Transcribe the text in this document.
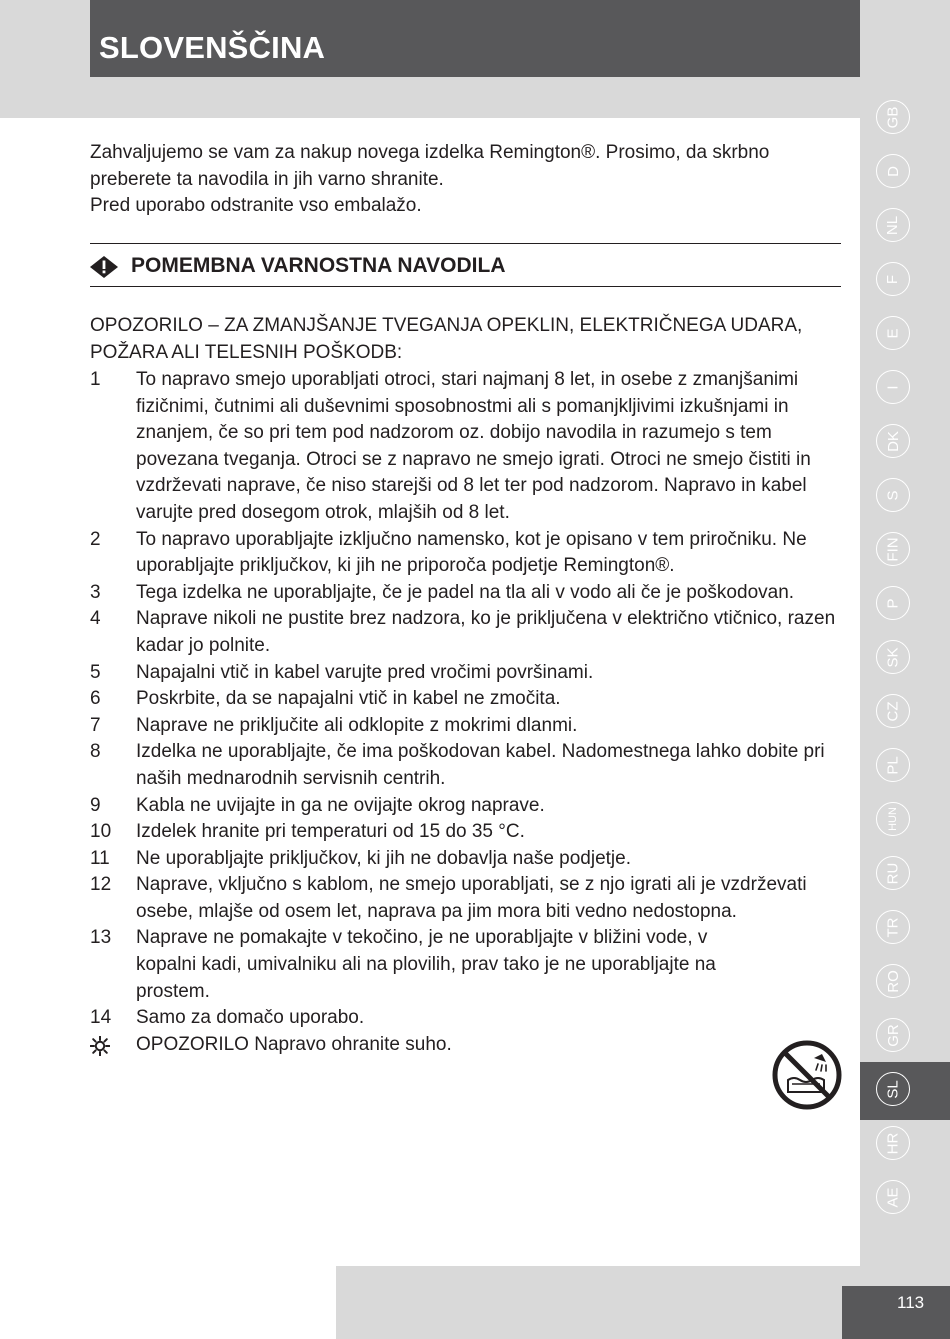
SLOVENŠČINA

Zahvaljujemo se vam za nakup novega izdelka Remington®. Prosimo, da skrbno

preberete ta navodila in jih varno shranite.

Pred uporabo odstranite vso embalažo.

POMEMBNA VARNOSTNA NAVODILA
OPOZORILO – ZA ZMANJŠANJE TVEGANJA OPEKLIN, ELEKTRIČNEGA UDARA,
POŽARA ALI TELESNIH POŠKODB:
1	To napravo smejo uporabljati otroci, stari najmanj 8 let, in osebe z zmanjšanimi fizičnimi, čutnimi ali duševnimi sposobnostmi ali s pomanjkljivimi izkušnjami in znanjem, če so pri tem pod nadzorom oz. dobijo navodila in razumejo s tem povezana tveganja. Otroci se z napravo ne smejo igrati. Otroci ne smejo čistiti in vzdrževati naprave, če niso starejši od 8 let ter pod nadzorom. Napravo in kabel varujte pred dosegom otrok, mlajših od 8 let.
2	To napravo uporabljajte izključno namensko, kot je opisano v tem priročniku. Ne uporabljajte priključkov, ki jih ne priporoča podjetje Remington®.
3	Tega izdelka ne uporabljajte, če je padel na tla ali v vodo ali če je poškodovan.
4	Naprave nikoli ne pustite brez nadzora, ko je priključena v električno vtičnico, razen kadar jo polnite.
5	Napajalni vtič in kabel varujte pred vročimi površinami.
6	Poskrbite, da se napajalni vtič in kabel ne zmočita.
7	Naprave ne priključite ali odklopite z mokrimi dlanmi.
8	Izdelka ne uporabljajte, če ima poškodovan kabel. Nadomestnega lahko dobite pri naših mednarodnih servisnih centrih.
9	Kabla ne uvijajte in ga ne ovijajte okrog naprave.
10	Izdelek hranite pri temperaturi od 15 do 35 °C.
11	Ne uporabljajte priključkov, ki jih ne dobavlja naše podjetje.
12	Naprave, vključno s kablom, ne smejo uporabljati, se z njo igrati ali je vzdrževati osebe, mlajše od osem let, naprava pa jim mora biti vedno nedostopna.
13	Naprave ne pomakajte v tekočino, je ne uporabljajte v bližini vode, v kopalni kadi, umivalniku ali na plovilih, prav tako je ne uporabljajte na prostem.
14	Samo za domačo uporabo.
OPOZORILO Napravo ohranite suho.
GB
D
NL
F
E
I
DK
S
FIN
P
SK
CZ
PL
HUN
RU
TR
RO
GR
SL
HR
AE
113
